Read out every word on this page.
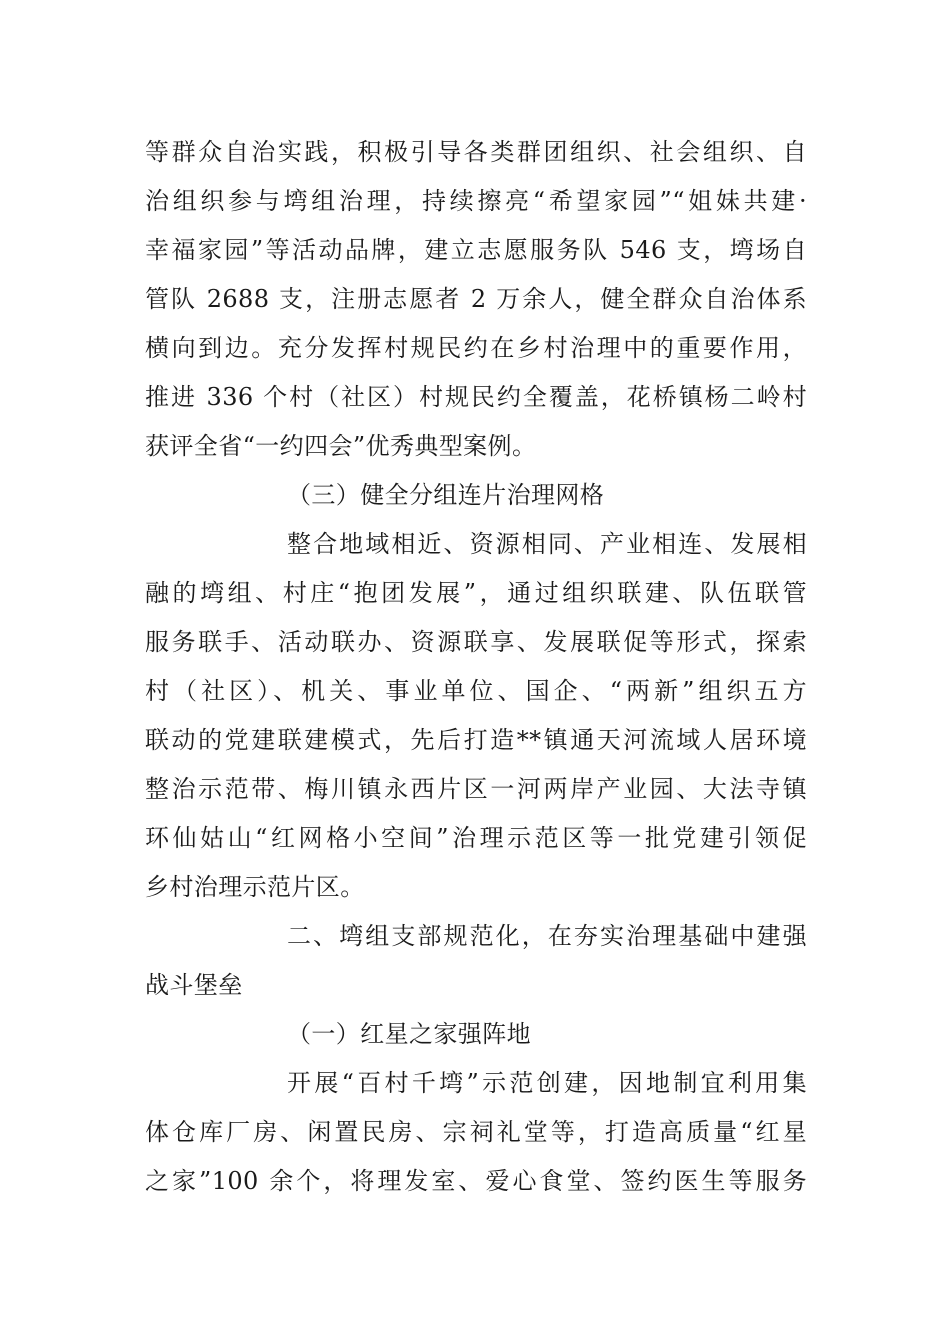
等群众自治实践，积极引导各类群团组织、社会组织、自
治组织参与塆组治理，持续擦亮“希望家园”“姐妹共建·
幸福家园”等活动品牌，建立志愿服务队 546 支，塆场自
管队 2688 支，注册志愿者 2 万余人，健全群众自治体系
横向到边。充分发挥村规民约在乡村治理中的重要作用，
推进 336 个村（社区）村规民约全覆盖，花桥镇杨二岭村
获评全省“一约四会”优秀典型案例。
（三）健全分组连片治理网格
整合地域相近、资源相同、产业相连、发展相
融的塆组、村庄“抱团发展”，通过组织联建、队伍联管
服务联手、活动联办、资源联享、发展联促等形式，探索
村（社区）、机关、事业单位、国企、“两新”组织五方
联动的党建联建模式，先后打造**镇通天河流域人居环境
整治示范带、梅川镇永西片区一河两岸产业园、大法寺镇
环仙姑山“红网格小空间”治理示范区等一批党建引领促
乡村治理示范片区。
二、塆组支部规范化，在夯实治理基础中建强
战斗堡垒
（一）红星之家强阵地
开展“百村千塆”示范创建，因地制宜利用集
体仓库厂房、闲置民房、宗祠礼堂等，打造高质量“红星
之家”100 余个，将理发室、爱心食堂、签约医生等服务
